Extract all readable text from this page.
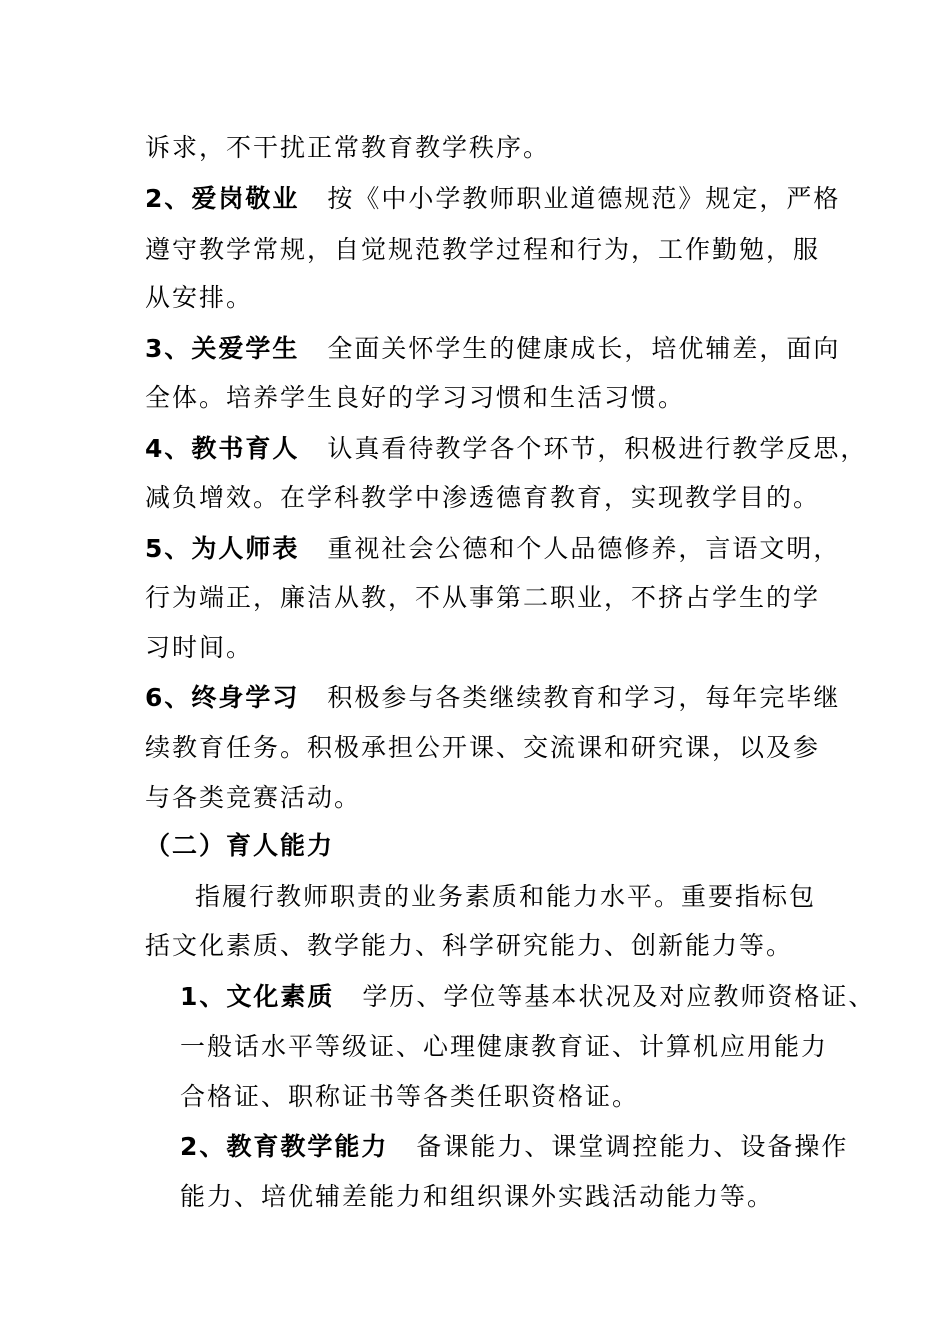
诉求，不干扰正常教育教学秩序。
2、爱岗敬业 按《中小学教师职业道德规范》规定，严格
遵守教学常规，自觉规范教学过程和行为，工作勤勉，服
从安排。
3、关爱学生 全面关怀学生的健康成长，培优辅差，面向
全体。培养学生良好的学习习惯和生活习惯。
4、教书育人 认真看待教学各个环节，积极进行教学反思，
减负增效。在学科教学中渗透德育教育，实现教学目的。
5、为人师表 重视社会公德和个人品德修养，言语文明，
行为端正，廉洁从教，不从事第二职业，不挤占学生的学
习时间。
6、终身学习 积极参与各类继续教育和学习，每年完毕继
续教育任务。积极承担公开课、交流课和研究课，以及参
与各类竞赛活动。
（二）育人能力
指履行教师职责的业务素质和能力水平。重要指标包
括文化素质、教学能力、科学研究能力、创新能力等。
1、文化素质 学历、学位等基本状况及对应教师资格证、
一般话水平等级证、心理健康教育证、计算机应用能力
合格证、职称证书等各类任职资格证。
2、教育教学能力 备课能力、课堂调控能力、设备操作
能力、培优辅差能力和组织课外实践活动能力等。
